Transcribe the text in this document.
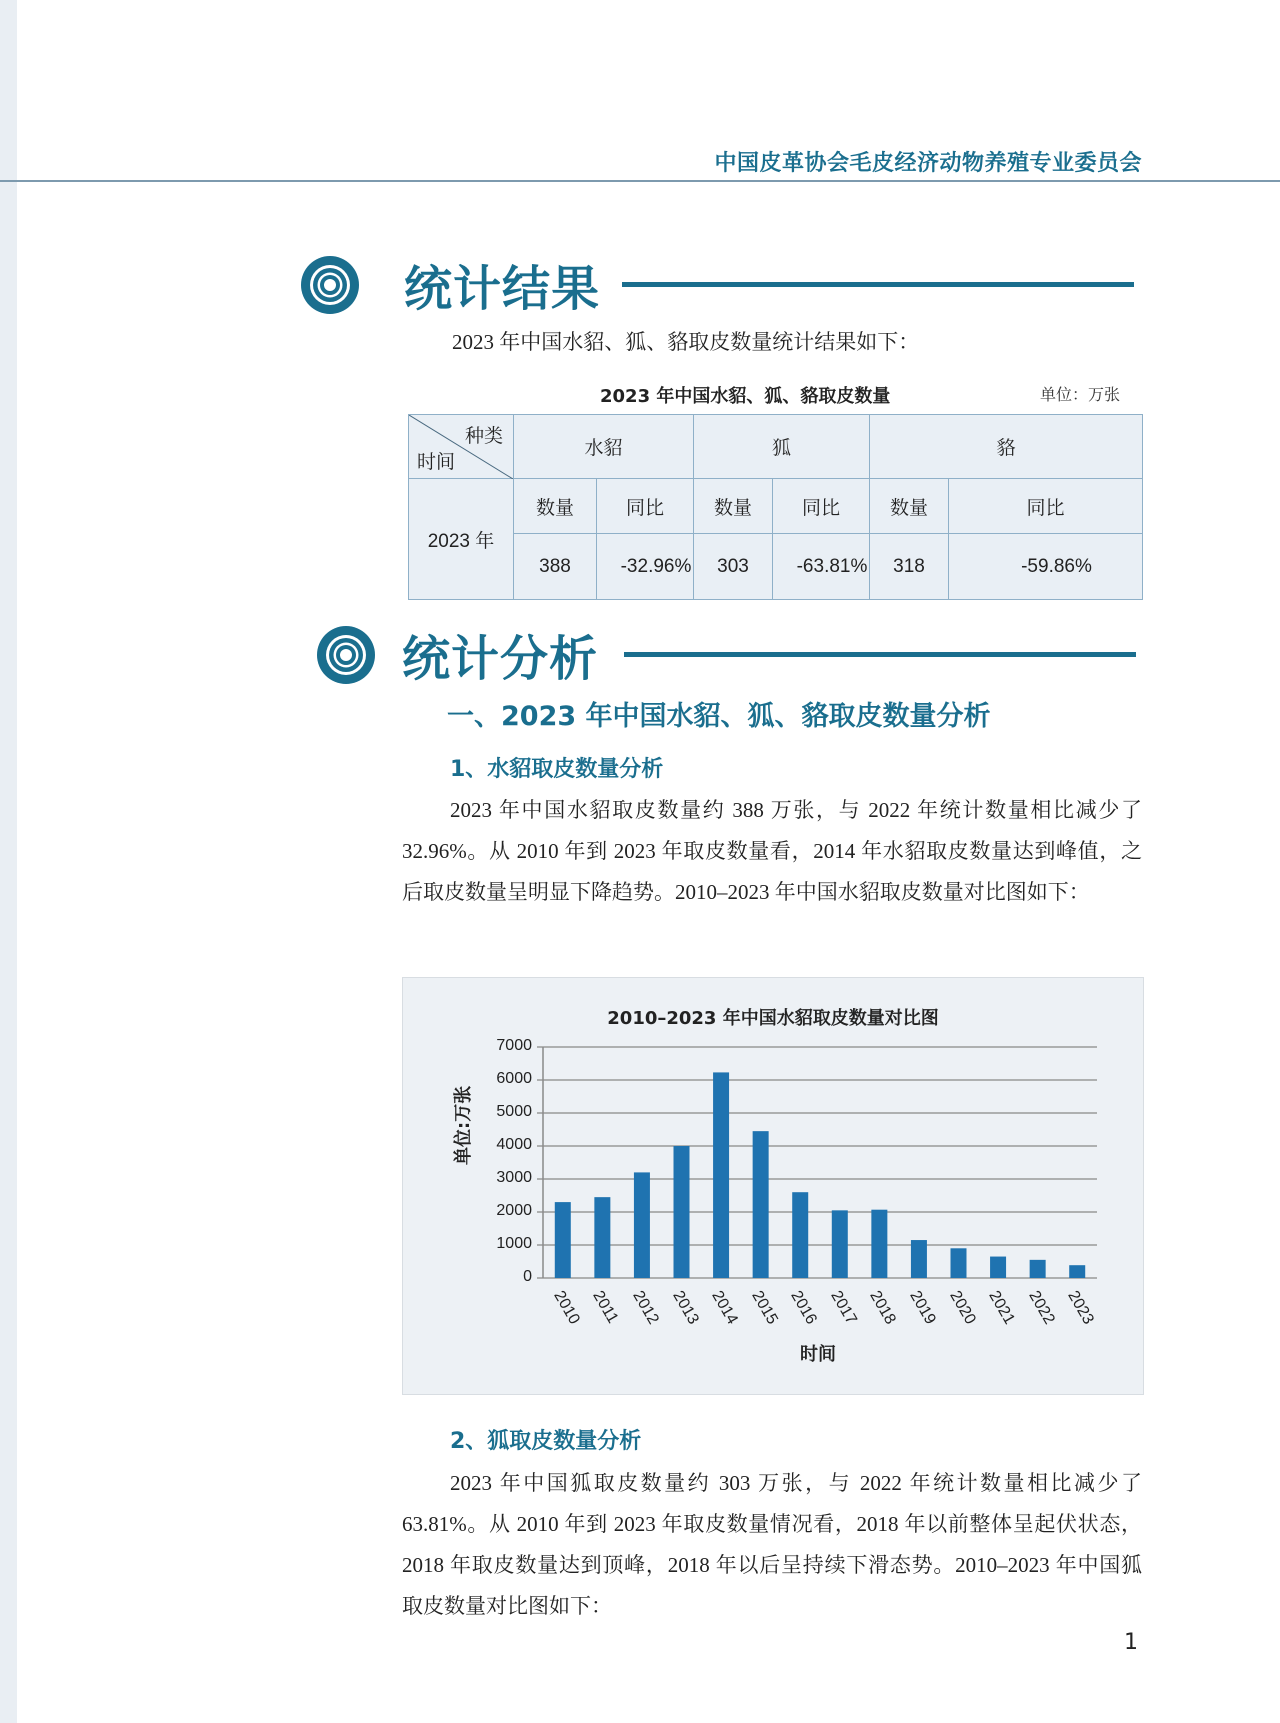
中国皮革协会毛皮经济动物养殖专业委员会
统计结果
2023 年中国水貂、狐、貉取皮数量统计结果如下：
2023 年中国水貂、狐、貉取皮数量	单位：万张
种类
时间	水貂		狐		貉	
2023 年	数量	同比	数量	同比	数量	同比
	388	-32.96%	303	-63.81%	318	-59.86%
统计分析
一、2023 年中国水貂、狐、貉取皮数量分析
1、水貂取皮数量分析
2023 年中国水貂取皮数量约 388 万张，与 2022 年统计数量相比减少了 32.96%。从 2010 年到 2023 年取皮数量看，2014 年水貂取皮数量达到峰值，之后取皮数量呈明显下降趋势。2010–2023 年中国水貂取皮数量对比图如下：
2010–2023 年中国水貂取皮数量对比图
单位:万张
0
1000
2000
3000
4000
5000
6000
7000
2010 2011 2012 2013 2014 2015 2016 2017 2018 2019 2020 2021 2022 2023
时间
2、狐取皮数量分析
2023 年中国狐取皮数量约 303 万张，与 2022 年统计数量相比减少了 63.81%。从 2010 年到 2023 年取皮数量情况看，2018 年以前整体呈起伏状态，2018 年取皮数量达到顶峰，2018 年以后呈持续下滑态势。2010–2023 年中国狐取皮数量对比图如下：
1
